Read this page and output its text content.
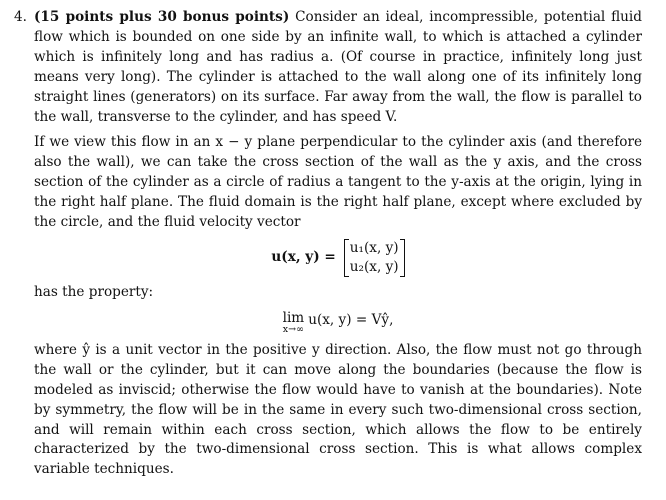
4. (15 points plus 30 bonus points) Consider an ideal, incompressible, potential fluid flow which is bounded on one side by an infinite wall, to which is attached a cylinder which is infinitely long and has radius a. (Of course in practice, infinitely long just means very long). The cylinder is attached to the wall along one of its infinitely long straight lines (generators) on its surface. Far away from the wall, the flow is parallel to the wall, transverse to the cylinder, and has speed V.

If we view this flow in an x − y plane perpendicular to the cylinder axis (and therefore also the wall), we can take the cross section of the wall as the y axis, and the cross section of the cylinder as a circle of radius a tangent to the y-axis at the origin, lying in the right half plane. The fluid domain is the right half plane, except where excluded by the circle, and the fluid velocity vector

u(x, y) =
u₁(x, y)
u₂(x, y)

has the property:

lim
x→∞
u(x, y) = Vŷ,

where ŷ is a unit vector in the positive y direction. Also, the flow must not go through the wall or the cylinder, but it can move along the boundaries (because the flow is modeled as inviscid; otherwise the flow would have to vanish at the boundaries). Note by symmetry, the flow will be in the same in every such two-dimensional cross section, and will remain within each cross section, which allows the flow to be entirely characterized by the two-dimensional cross section. This is what allows complex variable techniques.
